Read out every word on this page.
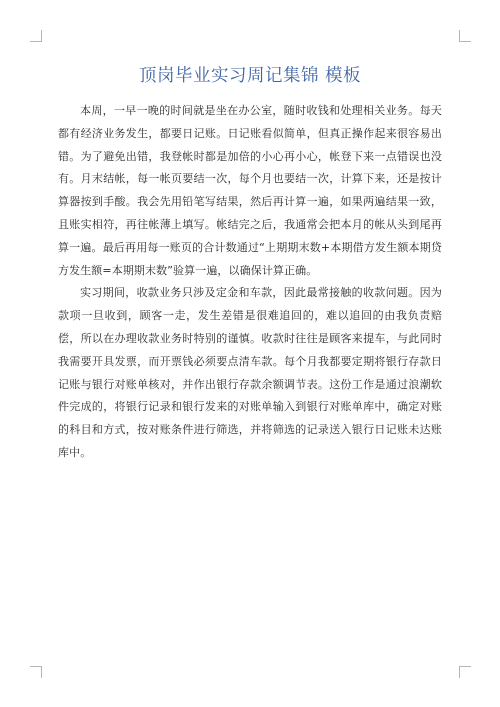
顶岗毕业实习周记集锦 模板

本周，一早一晚的时间就是坐在办公室，随时收钱和处理相关业务。每天都有经济业务发生，都要日记账。日记账看似简单，但真正操作起来很容易出错。为了避免出错，我登帐时都是加倍的小心再小心，帐登下来一点错误也没有。月末结帐，每一帐页要结一次，每个月也要结一次，计算下来，还是按计算器按到手酸。我会先用铅笔写结果，然后再计算一遍，如果两遍结果一致，且账实相符，再往帐薄上填写。帐结完之后，我通常会把本月的帐从头到尾再算一遍。最后再用每一账页的合计数通过“上期期末数+本期借方发生额本期贷方发生额=本期期末数”验算一遍，以确保计算正确。

实习期间，收款业务只涉及定金和车款，因此最常接触的收款问题。因为款项一旦收到，顾客一走，发生差错是很难追回的，难以追回的由我负责赔偿，所以在办理收款业务时特别的谨慎。收款时往往是顾客来提车，与此同时我需要开具发票，而开票钱必须要点清车款。每个月我都要定期将银行存款日记账与银行对账单核对，并作出银行存款余额调节表。这份工作是通过浪潮软件完成的，将银行记录和银行发来的对账单输入到银行对账单库中，确定对账的科目和方式，按对账条件进行筛选，并将筛选的记录送入银行日记账未达账库中。
